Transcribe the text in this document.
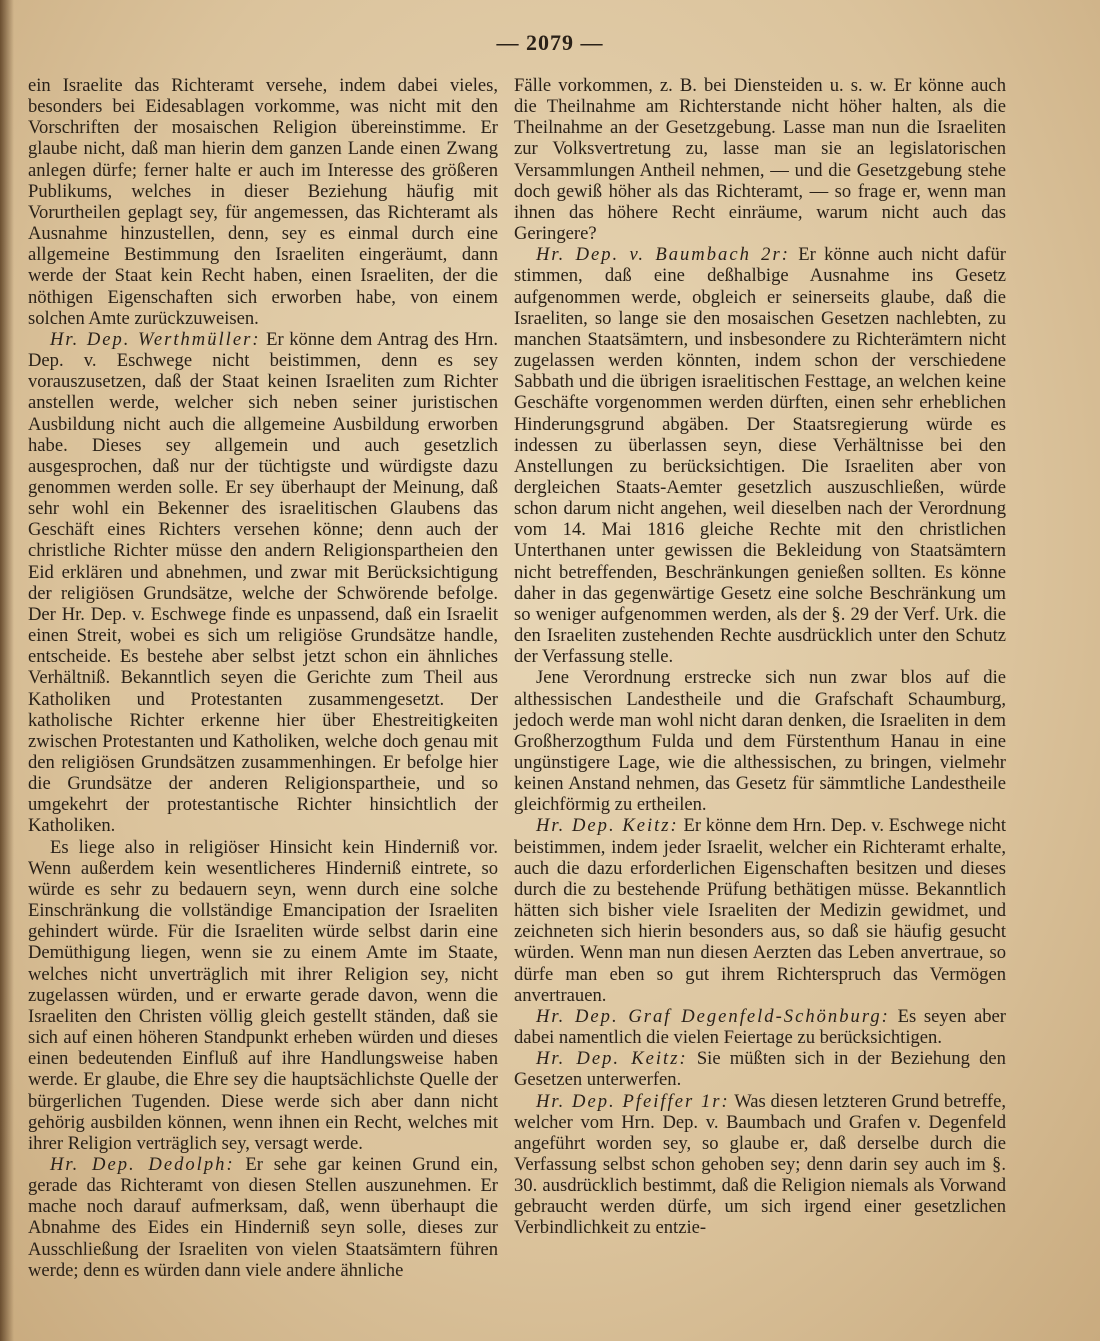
— 2079 —

ein Israelite das Richteramt versehe, indem dabei vieles, besonders bei Eidesablagen vorkomme, was nicht mit den Vorschriften der mosaischen Religion übereinstimme. Er glaube nicht, daß man hierin dem ganzen Lande einen Zwang anlegen dürfe; ferner halte er auch im Interesse des größeren Publikums, welches in dieser Beziehung häufig mit Vorurtheilen geplagt sey, für angemessen, das Richteramt als Ausnahme hinzustellen, denn, sey es einmal durch eine allgemeine Bestimmung den Israeliten eingeräumt, dann werde der Staat kein Recht haben, einen Israeliten, der die nöthigen Eigenschaften sich erworben habe, von einem solchen Amte zurückzuweisen.

Hr. Dep. Werthmüller: Er könne dem Antrag des Hrn. Dep. v. Eschwege nicht beistimmen, denn es sey vorauszusetzen, daß der Staat keinen Israeliten zum Richter anstellen werde, welcher sich neben seiner juristischen Ausbildung nicht auch die allgemeine Ausbildung erworben habe. Dieses sey allgemein und auch gesetzlich ausgesprochen, daß nur der tüchtigste und würdigste dazu genommen werden solle. Er sey überhaupt der Meinung, daß sehr wohl ein Bekenner des israelitischen Glaubens das Geschäft eines Richters versehen könne; denn auch der christliche Richter müsse den andern Religionspartheien den Eid erklären und abnehmen, und zwar mit Berücksichtigung der religiösen Grundsätze, welche der Schwörende befolge. Der Hr. Dep. v. Eschwege finde es unpassend, daß ein Israelit einen Streit, wobei es sich um religiöse Grundsätze handle, entscheide. Es bestehe aber selbst jetzt schon ein ähnliches Verhältniß. Bekanntlich seyen die Gerichte zum Theil aus Katholiken und Protestanten zusammengesetzt. Der katholische Richter erkenne hier über Ehestreitigkeiten zwischen Protestanten und Katholiken, welche doch genau mit den religiösen Grundsätzen zusammenhingen. Er befolge hier die Grundsätze der anderen Religionspartheie, und so umgekehrt der protestantische Richter hinsichtlich der Katholiken.

Es liege also in religiöser Hinsicht kein Hinderniß vor. Wenn außerdem kein wesentlicheres Hinderniß eintrete, so würde es sehr zu bedauern seyn, wenn durch eine solche Einschränkung die vollständige Emancipation der Israeliten gehindert würde. Für die Israeliten würde selbst darin eine Demüthigung liegen, wenn sie zu einem Amte im Staate, welches nicht unverträglich mit ihrer Religion sey, nicht zugelassen würden, und er erwarte gerade davon, wenn die Israeliten den Christen völlig gleich gestellt ständen, daß sie sich auf einen höheren Standpunkt erheben würden und dieses einen bedeutenden Einfluß auf ihre Handlungsweise haben werde. Er glaube, die Ehre sey die hauptsächlichste Quelle der bürgerlichen Tugenden. Diese werde sich aber dann nicht gehörig ausbilden können, wenn ihnen ein Recht, welches mit ihrer Religion verträglich sey, versagt werde.

Hr. Dep. Dedolph: Er sehe gar keinen Grund ein, gerade das Richteramt von diesen Stellen auszunehmen. Er mache noch darauf aufmerksam, daß, wenn überhaupt die Abnahme des Eides ein Hinderniß seyn solle, dieses zur Ausschließung der Israeliten von vielen Staatsämtern führen werde; denn es würden dann viele andere ähnliche

Fälle vorkommen, z. B. bei Diensteiden u. s. w. Er könne auch die Theilnahme am Richterstande nicht höher halten, als die Theilnahme an der Gesetzgebung. Lasse man nun die Israeliten zur Volksvertretung zu, lasse man sie an legislatorischen Versammlungen Antheil nehmen, — und die Gesetzgebung stehe doch gewiß höher als das Richteramt, — so frage er, wenn man ihnen das höhere Recht einräume, warum nicht auch das Geringere?

Hr. Dep. v. Baumbach 2r: Er könne auch nicht dafür stimmen, daß eine deßhalbige Ausnahme ins Gesetz aufgenommen werde, obgleich er seinerseits glaube, daß die Israeliten, so lange sie den mosaischen Gesetzen nachlebten, zu manchen Staatsämtern, und insbesondere zu Richterämtern nicht zugelassen werden könnten, indem schon der verschiedene Sabbath und die übrigen israelitischen Festtage, an welchen keine Geschäfte vorgenommen werden dürften, einen sehr erheblichen Hinderungsgrund abgäben. Der Staatsregierung würde es indessen zu überlassen seyn, diese Verhältnisse bei den Anstellungen zu berücksichtigen. Die Israeliten aber von dergleichen Staats-Aemter gesetzlich auszuschließen, würde schon darum nicht angehen, weil dieselben nach der Verordnung vom 14. Mai 1816 gleiche Rechte mit den christlichen Unterthanen unter gewissen die Bekleidung von Staatsämtern nicht betreffenden, Beschränkungen genießen sollten. Es könne daher in das gegenwärtige Gesetz eine solche Beschränkung um so weniger aufgenommen werden, als der §. 29 der Verf. Urk. die den Israeliten zustehenden Rechte ausdrücklich unter den Schutz der Verfassung stelle.

Jene Verordnung erstrecke sich nun zwar blos auf die althessischen Landestheile und die Grafschaft Schaumburg, jedoch werde man wohl nicht daran denken, die Israeliten in dem Großherzogthum Fulda und dem Fürstenthum Hanau in eine ungünstigere Lage, wie die althessischen, zu bringen, vielmehr keinen Anstand nehmen, das Gesetz für sämmtliche Landestheile gleichförmig zu ertheilen.

Hr. Dep. Keitz: Er könne dem Hrn. Dep. v. Eschwege nicht beistimmen, indem jeder Israelit, welcher ein Richteramt erhalte, auch die dazu erforderlichen Eigenschaften besitzen und dieses durch die zu bestehende Prüfung bethätigen müsse. Bekanntlich hätten sich bisher viele Israeliten der Medizin gewidmet, und zeichneten sich hierin besonders aus, so daß sie häufig gesucht würden. Wenn man nun diesen Aerzten das Leben anvertraue, so dürfe man eben so gut ihrem Richterspruch das Vermögen anvertrauen.

Hr. Dep. Graf Degenfeld-Schönburg: Es seyen aber dabei namentlich die vielen Feiertage zu berücksichtigen.

Hr. Dep. Keitz: Sie müßten sich in der Beziehung den Gesetzen unterwerfen.

Hr. Dep. Pfeiffer 1r: Was diesen letzteren Grund betreffe, welcher vom Hrn. Dep. v. Baumbach und Grafen v. Degenfeld angeführt worden sey, so glaube er, daß derselbe durch die Verfassung selbst schon gehoben sey; denn darin sey auch im §. 30. ausdrücklich bestimmt, daß die Religion niemals als Vorwand gebraucht werden dürfe, um sich irgend einer gesetzlichen Verbindlichkeit zu entzie-
